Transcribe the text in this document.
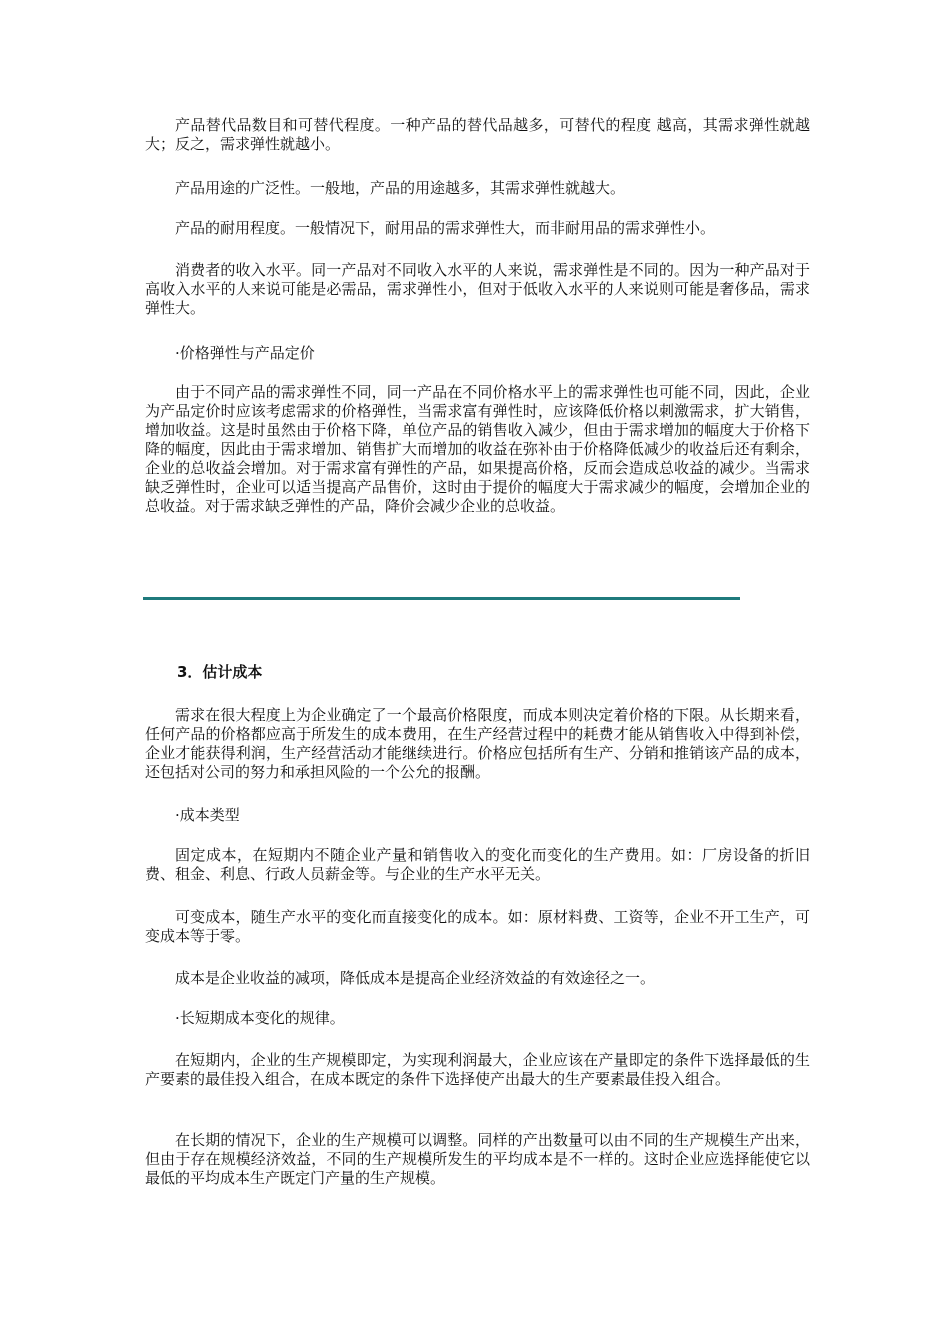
产品替代品数目和可替代程度。一种产品的替代品越多，可替代的程度 越高，其需求弹性就越大；反之，需求弹性就越小。

产品用途的广泛性。一般地，产品的用途越多，其需求弹性就越大。

产品的耐用程度。一般情况下，耐用品的需求弹性大，而非耐用品的需求弹性小。

消费者的收入水平。同一产品对不同收入水平的人来说，需求弹性是不同的。因为一种产品对于高收入水平的人来说可能是必需品，需求弹性小，但对于低收入水平的人来说则可能是奢侈品，需求弹性大。

·价格弹性与产品定价

由于不同产品的需求弹性不同，同一产品在不同价格水平上的需求弹性也可能不同，因此，企业为产品定价时应该考虑需求的价格弹性，当需求富有弹性时，应该降低价格以刺激需求，扩大销售，增加收益。这是时虽然由于价格下降，单位产品的销售收入减少，但由于需求增加的幅度大于价格下降的幅度，因此由于需求增加、销售扩大而增加的收益在弥补由于价格降低减少的收益后还有剩余，企业的总收益会增加。对于需求富有弹性的产品，如果提高价格，反而会造成总收益的减少。当需求缺乏弹性时，企业可以适当提高产品售价，这时由于提价的幅度大于需求减少的幅度，会增加企业的总收益。对于需求缺乏弹性的产品，降价会减少企业的总收益。

3．估计成本

需求在很大程度上为企业确定了一个最高价格限度，而成本则决定着价格的下限。从长期来看，任何产品的价格都应高于所发生的成本费用，在生产经营过程中的耗费才能从销售收入中得到补偿，企业才能获得利润，生产经营活动才能继续进行。价格应包括所有生产、分销和推销该产品的成本，还包括对公司的努力和承担风险的一个公允的报酬。

·成本类型

固定成本，在短期内不随企业产量和销售收入的变化而变化的生产费用。如：厂房设备的折旧费、租金、利息、行政人员薪金等。与企业的生产水平无关。

可变成本，随生产水平的变化而直接变化的成本。如：原材料费、工资等，企业不开工生产，可变成本等于零。

成本是企业收益的减项，降低成本是提高企业经济效益的有效途径之一。

·长短期成本变化的规律。

在短期内，企业的生产规模即定，为实现利润最大，企业应该在产量即定的条件下选择最低的生产要素的最佳投入组合，在成本既定的条件下选择使产出最大的生产要素最佳投入组合。

在长期的情况下，企业的生产规模可以调整。同样的产出数量可以由不同的生产规模生产出来，但由于存在规模经济效益，不同的生产规模所发生的平均成本是不一样的。这时企业应选择能使它以最低的平均成本生产既定门产量的生产规模。
